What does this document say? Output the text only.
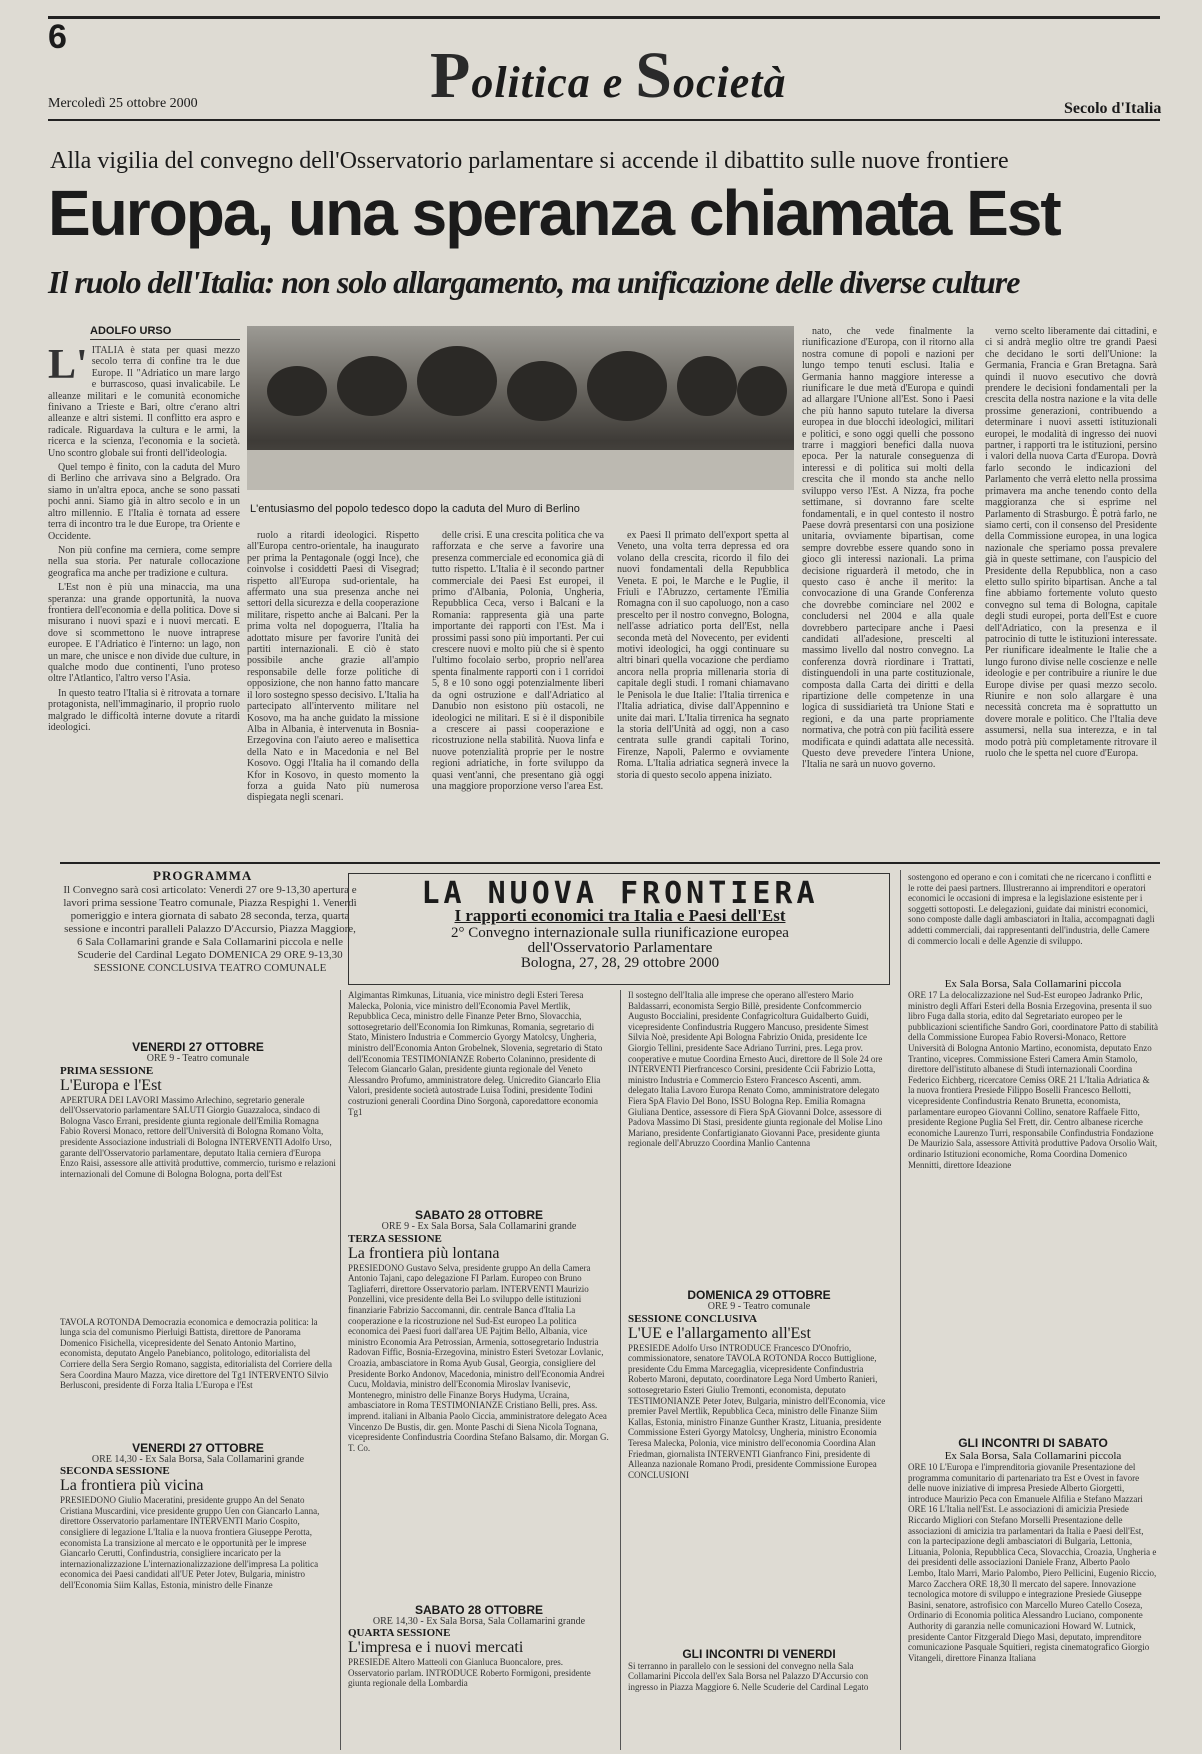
6
Politica e Società
Mercoledì 25 ottobre 2000	Secolo d'Italia
Alla vigilia del convegno dell'Osservatorio parlamentare si accende il dibattito sulle nuove frontiere
Europa, una speranza chiamata Est
Il ruolo dell'Italia: non solo allargamento, ma unificazione delle diverse culture
ADOLFO URSO
L' ITALIA è stata per quasi mezzo secolo terra di confine tra le due Europe. Il "Adriatico un mare largo e burrascoso, quasi invalicabile. Le alleanze militari e le comunità economiche finivano a Trieste e Bari, oltre c'erano altri alleanze e altri sistemi. Il conflitto era aspro e radicale. Riguardava la cultura e le armi, la ricerca e la scienza, l'economia e la società. Uno scontro globale sui fronti dell'ideologia.

Quel tempo è finito, con la caduta del Muro di Berlino che arrivava sino a Belgrado. Ora siamo in un'altra epoca, anche se sono passati pochi anni. Siamo già in altro secolo e in un altro millennio. E l'Italia è tornata ad essere terra di incontro tra le due Europe, tra Oriente e Occidente.

Non più confine ma cerniera, come sempre nella sua storia. Per naturale collocazione geografica ma anche per tradizione e cultura.

L'Est non è più una minaccia, ma una speranza: una grande opportunità, la nuova frontiera dell'economia e della politica. Dove si misurano i nuovi spazi e i nuovi mercati. E dove si scommettono le nuove intraprese europee. E l'Adriatico è l'interno: un lago, non un mare, che unisce e non divide due culture, in qualche modo due continenti, l'uno proteso oltre l'Atlantico, l'altro verso l'Asia.

In questo teatro l'Italia si è ritrovata a tornare protagonista, nell'immaginario, il proprio ruolo malgrado le difficoltà interne dovute a ritardi ideologici.

L'entusiasmo del popolo tedesco dopo la caduta del Muro di Berlino

ruolo a ritardi ideologici. Rispetto all'Europa centro-orientale, ha inaugurato per prima la Pentagonale (oggi Ince), che coinvolse i cosiddetti Paesi di Visegrad; rispetto all'Europa sud-orientale, ha affermato una sua presenza anche nei settori della sicurezza e della cooperazione militare, rispetto anche ai Balcani. Per la prima volta nel dopoguerra, l'Italia ha adottato misure per favorire l'unità dei partiti internazionali. E ciò è stato possibile anche grazie all'ampio responsabile delle forze politiche di opposizione, che non hanno fatto mancare il loro sostegno spesso decisivo. L'Italia ha partecipato all'intervento militare nel Kosovo, ma ha anche guidato la missione Alba in Albania, è intervenuta in Bosnia-Erzegovina con l'aiuto aereo e malisettica della Nato e in Macedonia e nel Bel Kosovo. Oggi l'Italia ha il comando della Kfor in Kosovo, in questo momento la forza a guida Nato più numerosa dispiegata negli scenari.

delle crisi. È una crescita politica che va rafforzata e che serve a favorire una presenza commerciale ed economica già di tutto rispetto. L'Italia è il secondo partner commerciale dei Paesi Est europei, il primo d'Albania, Polonia, Ungheria, Repubblica Ceca, verso i Balcani e la Romania: rappresenta già una parte importante dei rapporti con l'Est. Ma i prossimi passi sono più importanti. Per cui crescere nuovi e molto più che si è spento l'ultimo focolaio serbo, proprio nell'area spenta finalmente rapporti con i 1 corridoi 5, 8 e 10 sono oggi potenzialmente liberi da ogni ostruzione e dall'Adriatico al Danubio non esistono più ostacoli, ne ideologici ne militari. E si è il disponibile a crescere ai passi cooperazione e ricostruzione nella stabilità. Nuova linfa e nuove potenzialità proprie per le nostre regioni adriatiche, in forte sviluppo da quasi vent'anni, che presentano già oggi una maggiore proporzione verso l'area Est.

ex Paesi Il primato dell'export spetta al Veneto, una volta terra depressa ed ora volano della crescita, ricordo il filo dei nuovi fondamentali della Repubblica Veneta. E poi, le Marche e le Puglie, il Friuli e l'Abruzzo, certamente l'Emilia Romagna con il suo capoluogo, non a caso prescelto per il nostro convegno, Bologna, nell'asse adriatico porta dell'Est, nella seconda metà del Novecento, per evidenti motivi ideologici, ha oggi continuare su altri binari quella vocazione che perdiamo ancora nella propria millenaria storia di capitale degli studi. I romani chiamavano le Penisola le due Italie: l'Italia tirrenica e l'Italia adriatica, divise dall'Appennino e unite dai mari. L'Italia tirrenica ha segnato la storia dell'Unità ad oggi, non a caso centrata sulle grandi capitali Torino, Firenze, Napoli, Palermo e ovviamente Roma. L'Italia adriatica segnerà invece la storia di questo secolo appena iniziato.

nato, che vede finalmente la riunificazione d'Europa, con il ritorno alla nostra comune di popoli e nazioni per lungo tempo tenuti esclusi. Italia e Germania hanno maggiore interesse a riunificare le due metà d'Europa e quindi ad allargare l'Unione all'Est. Sono i Paesi che più hanno saputo tutelare la diversa europea in due blocchi ideologici, militari e politici, e sono oggi quelli che possono trarre i maggiori benefici dalla nuova epoca. Per la naturale conseguenza di interessi e di politica sui molti della crescita che il mondo sta anche nello sviluppo verso l'Est. A Nizza, fra poche settimane, si dovranno fare scelte fondamentali, e in quel contesto il nostro Paese dovrà presentarsi con una posizione unitaria, ovviamente bipartisan, come sempre dovrebbe essere quando sono in gioco gli interessi nazionali. La prima decisione riguarderà il metodo, che in questo caso è anche il merito: la convocazione di una Grande Conferenza che dovrebbe cominciare nel 2002 e concludersi nel 2004 e alla quale dovrebbero partecipare anche i Paesi candidati all'adesione, prescelti al massimo livello dal nostro convegno. La conferenza dovrà riordinare i Trattati, distinguendoli in una parte costituzionale, composta dalla Carta dei diritti e della ripartizione delle competenze in una logica di sussidiarietà tra Unione Stati e regioni, e da una parte propriamente normativa, che potrà con più facilità essere modificata e quindi adattata alle necessità. Questo deve prevedere l'intera Unione, l'Italia ne sarà un nuovo governo.

verno scelto liberamente dai cittadini, e ci si andrà meglio oltre tre grandi Paesi che decidano le sorti dell'Unione: la Germania, Francia e Gran Bretagna. Sarà quindi il nuovo esecutivo che dovrà prendere le decisioni fondamentali per la crescita della nostra nazione e la vita delle prossime generazioni, contribuendo a determinare i nuovi assetti istituzionali europei, le modalità di ingresso dei nuovi partner, i rapporti tra le istituzioni, persino i valori della nuova Carta d'Europa. Dovrà farlo secondo le indicazioni del Parlamento che verrà eletto nella prossima primavera ma anche tenendo conto della maggioranza che si esprime nel Parlamento di Strasburgo. È potrà farlo, ne siamo certi, con il consenso del Presidente della Commissione europea, in una logica nazionale che speriamo possa prevalere già in queste settimane, con l'auspicio del Presidente della Repubblica, non a caso eletto sullo spirito bipartisan. Anche a tal fine abbiamo fortemente voluto questo convegno sul tema di Bologna, capitale degli studi europei, porta dell'Est e cuore dell'Adriatico, con la presenza e il patrocinio di tutte le istituzioni interessate. Per riunificare idealmente le Italie che a lungo furono divise nelle coscienze e nelle ideologie e per contribuire a riunire le due Europe divise per quasi mezzo secolo. Riunire e non solo allargare è una necessità concreta ma è soprattutto un dovere morale e politico. Che l'Italia deve assumersi, nella sua interezza, e in tal modo potrà più completamente ritrovare il ruolo che le spetta nel cuore d'Europa.

PROGRAMMA
Il Convegno sarà così articolato: Venerdì 27 ore 9-13,30 apertura e lavori prima sessione Teatro comunale, Piazza Respighi 1. Venerdì pomeriggio e intera giornata di sabato 28 seconda, terza, quarta sessione e incontri paralleli Palazzo D'Accursio, Piazza Maggiore, 6 Sala Collamarini grande e Sala Collamarini piccola e nelle Scuderie del Cardinal Legato DOMENICA 29 ORE 9-13,30 SESSIONE CONCLUSIVA TEATRO COMUNALE
LA NUOVA FRONTIERA
I rapporti economici tra Italia e Paesi dell'Est
2° Convegno internazionale sulla riunificazione europea
dell'Osservatorio Parlamentare
Bologna, 27, 28, 29 ottobre 2000
VENERDI 27 OTTOBRE
ORE 9 - Teatro comunale
PRIMA SESSIONE
L'Europa e l'Est
APERTURA DEI LAVORI Massimo Arlechino, segretario generale dell'Osservatorio parlamentare SALUTI Giorgio Guazzaloca, sindaco di Bologna Vasco Errani, presidente giunta regionale dell'Emilia Romagna Fabio Roversi Monaco, rettore dell'Università di Bologna Romano Volta, presidente Associazione industriali di Bologna INTERVENTI Adolfo Urso, garante dell'Osservatorio parlamentare, deputato Italia cerniera d'Europa Enzo Raisi, assessore alle attività produttive, commercio, turismo e relazioni internazionali del Comune di Bologna Bologna, porta dell'Est
TAVOLA ROTONDA Democrazia economica e democrazia politica: la lunga scia del comunismo Pierluigi Battista, direttore de Panorama Domenico Fisichella, vicepresidente del Senato Antonio Martino, economista, deputato Angelo Panebianco, politologo, editorialista del Corriere della Sera Sergio Romano, saggista, editorialista del Corriere della Sera Coordina Mauro Mazza, vice direttore del Tg1 INTERVENTO Silvio Berlusconi, presidente di Forza Italia L'Europa e l'Est
VENERDI 27 OTTOBRE
ORE 14,30 - Ex Sala Borsa, Sala Collamarini grande
SECONDA SESSIONE
La frontiera più vicina
PRESIEDONO Giulio Maceratini, presidente gruppo An del Senato Cristiana Muscardini, vice presidente gruppo Uen con Giancarlo Lanna, direttore Osservatorio parlamentare INTERVENTI Mario Cospito, consigliere di legazione L'Italia e la nuova frontiera Giuseppe Perotta, economista La transizione al mercato e le opportunità per le imprese Giancarlo Cerutti, Confindustria, consigliere incaricato per la internazionalizzazione L'internazionalizzazione dell'impresa La politica economica dei Paesi candidati all'UE Peter Jotev, Bulgaria, ministro dell'Economia Siim Kallas, Estonia, ministro delle Finanze
Algimantas Rimkunas, Lituania, vice ministro degli Esteri Teresa Malecka, Polonia, vice ministro dell'Economia Pavel Mertlik, Repubblica Ceca, ministro delle Finanze Peter Brno, Slovacchia, sottosegretario dell'Economia Ion Rimkunas, Romania, segretario di Stato, Ministero Industria e Commercio Gyorgy Matolcsy, Ungheria, ministro dell'Economia Anton Grobelnek, Slovenia, segretario di Stato dell'Economia TESTIMONIANZE Roberto Colaninno, presidente di Telecom Giancarlo Galan, presidente giunta regionale del Veneto Alessandro Profumo, amministratore deleg. Unicredito Giancarlo Elia Valori, presidente società autostrade Luisa Todini, presidente Todini costruzioni generali Coordina Dino Sorgonà, caporedattore economia Tg1
SABATO 28 OTTOBRE
ORE 9 - Ex Sala Borsa, Sala Collamarini grande
TERZA SESSIONE
La frontiera più lontana
PRESIEDONO Gustavo Selva, presidente gruppo An della Camera Antonio Tajani, capo delegazione FI Parlam. Europeo con Bruno Tagliaferri, direttore Osservatorio parlam. INTERVENTI Maurizio Ponzellini, vice presidente della Bei Lo sviluppo delle istituzioni finanziarie Fabrizio Saccomanni, dir. centrale Banca d'Italia La cooperazione e la ricostruzione nel Sud-Est europeo La politica economica dei Paesi fuori dall'area UE Pajtim Bello, Albania, vice ministro Economia Ara Petrossian, Armenia, sottosegretario Industria Radovan Fiffic, Bosnia-Erzegovina, ministro Esteri Svetozar Lovlanic, Croazia, ambasciatore in Roma Ayub Gusal, Georgia, consigliere del Presidente Borko Andonov, Macedonia, ministro dell'Economia Andrei Cucu, Moldavia, ministro dell'Economia Miroslav Ivanisevic, Montenegro, ministro delle Finanze Borys Hudyma, Ucraina, ambasciatore in Roma TESTIMONIANZE Cristiano Belli, pres. Ass. imprend. italiani in Albania Paolo Ciccia, amministratore delegato Acea Vincenzo De Bustis, dir. gen. Monte Paschi di Siena Nicola Tognana, vicepresidente Confindustria Coordina Stefano Balsamo, dir. Morgan G. T. Co.
SABATO 28 OTTOBRE
ORE 14,30 - Ex Sala Borsa, Sala Collamarini grande
QUARTA SESSIONE
L'impresa e i nuovi mercati
PRESIEDE Altero Matteoli con Gianluca Buoncalore, pres. Osservatorio parlam. INTRODUCE Roberto Formigoni, presidente giunta regionale della Lombardia
Il sostegno dell'Italia alle imprese che operano all'estero Mario Baldassarri, economista Sergio Billè, presidente Confcommercio Augusto Boccialini, presidente Confagricoltura Guidalberto Guidi, vicepresidente Confindustria Ruggero Mancuso, presidente Simest Silvia Noè, presidente Api Bologna Fabrizio Onida, presidente Ice Giorgio Tellini, presidente Sace Adriano Turrini, pres. Lega prov. cooperative e mutue Coordina Ernesto Auci, direttore de Il Sole 24 ore INTERVENTI Pierfrancesco Corsini, presidente Ccii Fabrizio Lotta, ministro Industria e Commercio Estero Francesco Ascenti, amm. delegato Italia Lavoro Europa Renato Como, amministratore delegato Fiera SpA Flavio Del Bono, ISSU Bologna Rep. Emilia Romagna Giuliana Dentice, assessore di Fiera SpA Giovanni Dolce, assessore di Padova Massimo Di Stasi, presidente giunta regionale del Molise Lino Mariano, presidente Confartigianato Giovanni Pace, presidente giunta regionale dell'Abruzzo Coordina Manlio Cantenna
DOMENICA 29 OTTOBRE
ORE 9 - Teatro comunale
SESSIONE CONCLUSIVA
L'UE e l'allargamento all'Est
PRESIEDE Adolfo Urso INTRODUCE Francesco D'Onofrio, commissionatore, senatore TAVOLA ROTONDA Rocco Buttiglione, presidente Cdu Emma Marcegaglia, vicepresidente Confindustria Roberto Maroni, deputato, coordinatore Lega Nord Umberto Ranieri, sottosegretario Esteri Giulio Tremonti, economista, deputato TESTIMONIANZE Peter Jotev, Bulgaria, ministro dell'Economia, vice premier Pavel Mertlik, Repubblica Ceca, ministro delle Finanze Siim Kallas, Estonia, ministro Finanze Gunther Krastz, Lituania, presidente Commissione Esteri Gyorgy Matolcsy, Ungheria, ministro Economia Teresa Malecka, Polonia, vice ministro dell'economia Coordina Alan Friedman, giornalista INTERVENTI Gianfranco Fini, presidente di Alleanza nazionale Romano Prodi, presidente Commissione Europea CONCLUSIONI
GLI INCONTRI DI VENERDI
Si terranno in parallelo con le sessioni del convegno nella Sala Collamarini Piccola dell'ex Sala Borsa nel Palazzo D'Accursio con ingresso in Piazza Maggiore 6. Nelle Scuderie del Cardinal Legato
sostengono ed operano e con i comitati che ne ricercano i conflitti e le rotte dei paesi partners. Illustreranno ai imprenditori e operatori economici le occasioni di impresa e la legislazione esistente per i soggetti sottoposti. Le delegazioni, guidate dai ministri economici, sono composte dalle dagli ambasciatori in Italia, accompagnati dagli addetti commerciali, dai rappresentanti dell'industria, delle Camere di commercio locali e delle Agenzie di sviluppo.
Ex Sala Borsa, Sala Collamarini piccola
ORE 17 La delocalizzazione nel Sud-Est europeo Jadranko Prlic, ministro degli Affari Esteri della Bosnia Erzegovina, presenta il suo libro Fuga dalla storia, edito dal Segretariato europeo per le pubblicazioni scientifiche Sandro Gori, coordinatore Patto di stabilità della Commissione Europea Fabio Roversi-Monaco, Rettore Università di Bologna Antonio Martino, economista, deputato Enzo Trantino, vicepres. Commissione Esteri Camera Amin Stamolo, direttore dell'istituto albanese di Studi internazionali Coordina Federico Eichberg, ricercatore Cemiss ORE 21 L'Italia Adriatica & la nuova frontiera Presiede Filippo Boselli Francesco Bellotti, vicepresidente Confindustria Renato Brunetta, economista, parlamentare europeo Giovanni Collino, senatore Raffaele Fitto, presidente Regione Puglia Sel Frett, dir. Centro albanese ricerche economiche Laurenzo Turri, responsabile Confindustria Fondazione De Maurizio Sala, assessore Attività produttive Padova Orsolio Wait, ordinario Istituzioni economiche, Roma Coordina Domenico Mennitti, direttore Ideazione
GLI INCONTRI DI SABATO
Ex Sala Borsa, Sala Collamarini piccola
ORE 10 L'Europa e l'imprenditoria giovanile Presentazione del programma comunitario di partenariato tra Est e Ovest in favore delle nuove iniziative di impresa Presiede Alberto Giorgetti, introduce Maurizio Peca con Emanuele Alfilia e Stefano Mazzari ORE 16 L'Italia nell'Est. Le associazioni di amicizia Presiede Riccardo Migliori con Stefano Morselli Presentazione delle associazioni di amicizia tra parlamentari da Italia e Paesi dell'Est, con la partecipazione degli ambasciatori di Bulgaria, Lettonia, Lituania, Polonia, Repubblica Ceca, Slovacchia, Croazia, Ungheria e dei presidenti delle associazioni Daniele Franz, Alberto Paolo Lembo, Italo Marri, Mario Palombo, Piero Pellicini, Eugenio Riccio, Marco Zacchera ORE 18,30 Il mercato del sapere. Innovazione tecnologica motore di sviluppo e integrazione Presiede Giuseppe Basini, senatore, astrofisico con Marcello Mureo Catello Coseza, Ordinario di Economia politica Alessandro Luciano, componente Authority di garanzia nelle comunicazioni Howard W. Lutnick, presidente Cantor Fitzgerald Diego Masi, deputato, imprenditore comunicazione Pasquale Squitieri, regista cinematografico Giorgio Vitangeli, direttore Finanza Italiana
